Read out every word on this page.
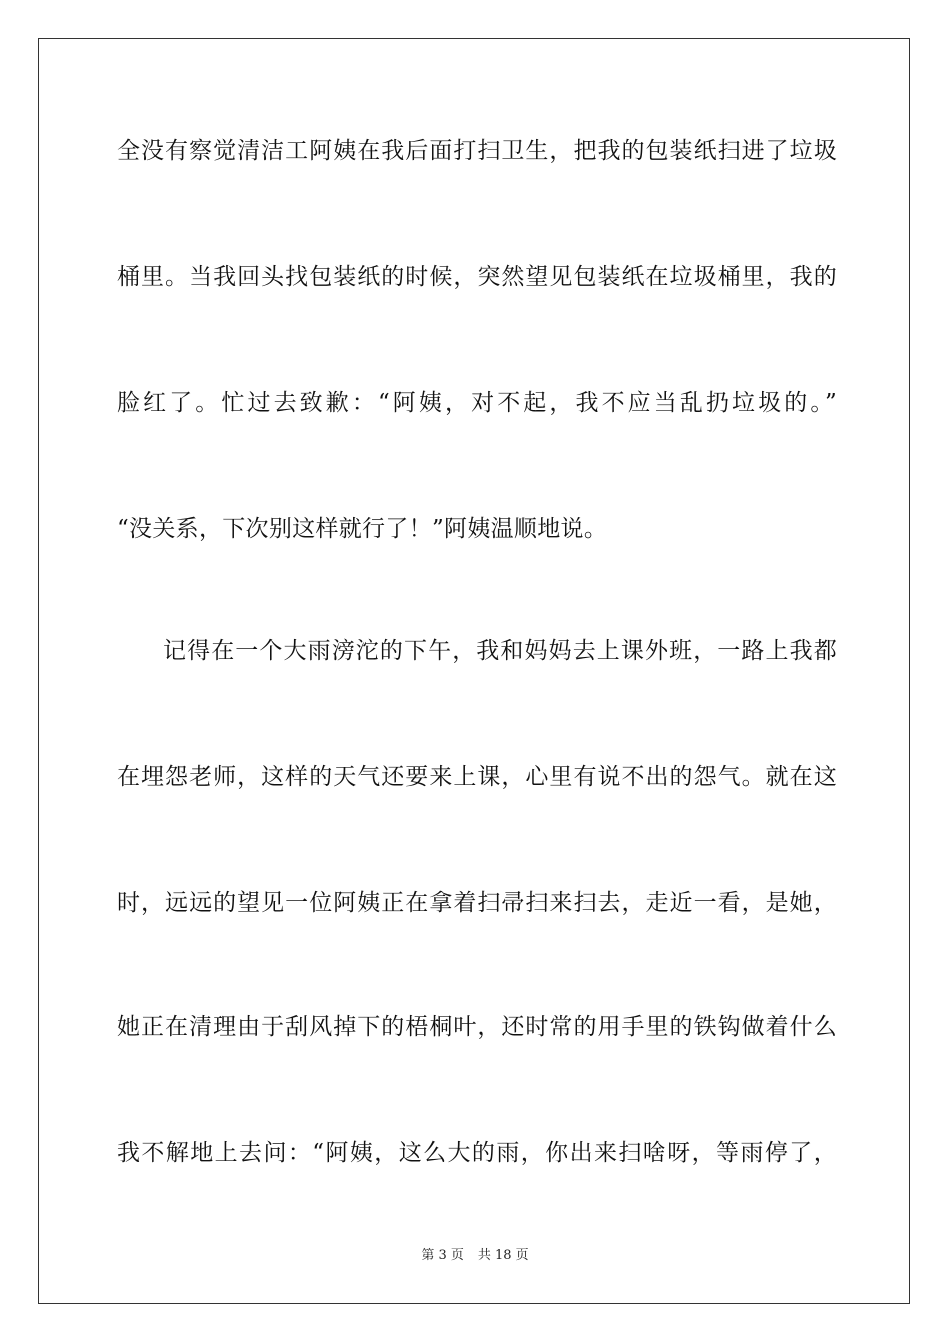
全没有察觉清洁工阿姨在我后面打扫卫生，把我的包装纸扫进了垃圾
桶里。当我回头找包装纸的时候，突然望见包装纸在垃圾桶里，我的
脸红了。忙过去致歉：“阿姨，对不起，我不应当乱扔垃圾的。”
“没关系，下次别这样就行了！”阿姨温顺地说。
记得在一个大雨滂沱的下午，我和妈妈去上课外班，一路上我都
在埋怨老师，这样的天气还要来上课，心里有说不出的怨气。就在这
时，远远的望见一位阿姨正在拿着扫帚扫来扫去，走近一看，是她，
她正在清理由于刮风掉下的梧桐叶，还时常的用手里的铁钩做着什么
我不解地上去问：“阿姨，这么大的雨，你出来扫啥呀，等雨停了，
第 3 页 共 18 页
